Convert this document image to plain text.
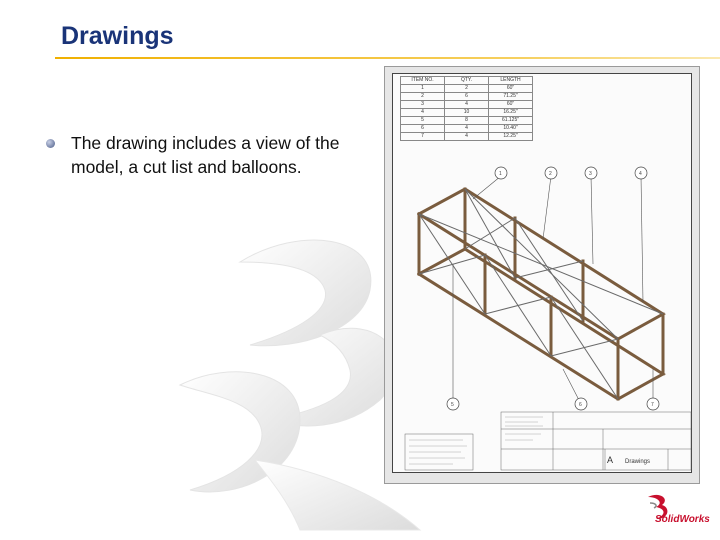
Drawings
The drawing includes a view of the model, a cut list and balloons.
ITEM NO.	QTY.	LENGTH
1	2	60"
2	6	71.25"
3	4	60"
4	10	16.25"
5	8	61.125"
6	4	10.40"
7	4	12.25"
1	2	3	4
5	6	7
A Drawings
SolidWorks
